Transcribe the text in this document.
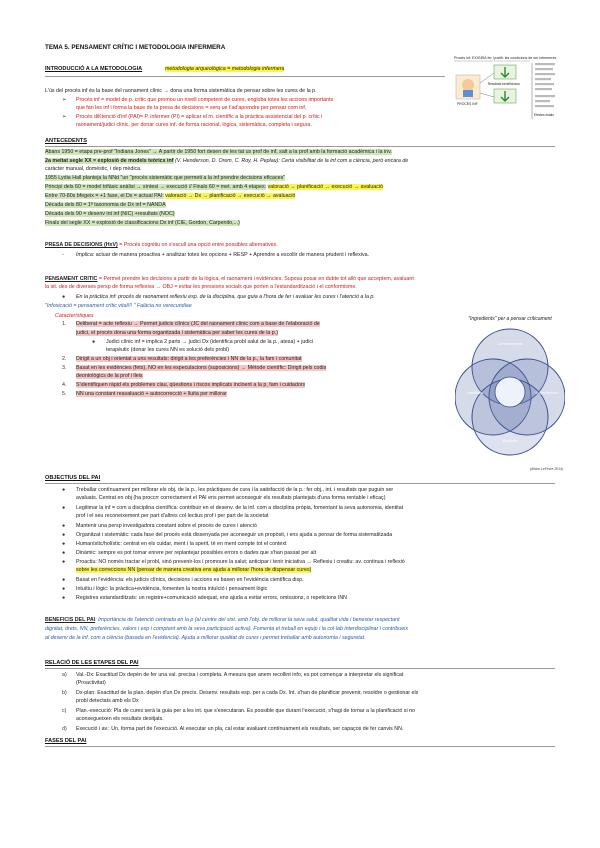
TEMA 5. PENSAMENT CRÍTIC I METODOLOGIA INFERMERA
Procés inf: EXIGIRÀ fer i justifi: les condicions de ser infermeres
PROCÉS INF
Resultats beneficiosos
Efectes estals
INTRODUCCIÓ A LA METODOLOGIA	metodologia arqueològica = metodologia infermera
L'ús del procés inf és la base del raonament clínic → dona una forma sistemàtica de pensar sobre les cures de la p.
➢ Procés inf = model de p. crític que promou un nivell competent de cures, engloba totes les accions importants
que fan les inf i forma la base de la presa de decisions = serq ue t'ad'aprendre per pensar com inf.
➢ Procés diKtenció d'inf (PAI)= P. infermer (PI) = aplicar el m. científic a la pràctica assistencial del p. crític i
raonament/judici clínic, per donar cures inf. de forma racional, lògica, sistemàtica, completa i segura.
ANTECEDENTS
Abans 1950 = etapa pre-prof "Indiana Jones" → A partir de 1950 fort desen de les tat us prof de inf, salt a la prof amb la formació acadèmica i la inv.
2a meitat segle XX = explosió de models teòrics inf (V. Henderson, D. Orem, C. Roy, H. Peplau): Certa visibilitat de la inf com a ciència, però encara de
caràcter manual, domèstic, i dep mèdica.
1955 Lydia Hall planteja la NNd "un "procés sistemàtic que permeti a la inf prendre decisions eficaces"
Principi dels 60 = model trifàsic anàlisi → síntesi → execució // Finals 60 = met. amb 4 etapes: valoració → planificació → execució → avaluació
Entre 70-80s bfegeix = +1 fase, el Dx = actual PAI: valoració → Dx → planificació → execució → avaluació
Dècada dels 80 = 1ª taxonomia de Dx inf = NANDA
Dècada dels 90 = desenv int inf (NIC) +resultats (NOC)
Finals del segle XX = explosió de classificacions Dx inf (CIE, Gordon, Carpenito,...)
PRESA DE DECISIONS (HxV) = Procés cognitiu on s'escull una opció entre possibles alternatives.
- Implica: actuar de manera proactiva + analitzar totes les opcions + RESP + Aprendre a escollir de manera prudent i reflexiva.
PENSAMENT CRÍTIC = Permet prendre les decisions a partir de la lògica, el raonament i evidències. Suposa posar en dubte tot allò que acceptem, avaluant
la sit. des de diverses persp de forma reflexiva → OBJ = evitar les pressions socials que porten a l'estandardització i el conformisme.
● En la pràctica inf: procés de raonament reflexiu esp. de la disciplina, que guia a l'hora de fer i avaluar les cures i l'atenció a la p.
"Infoxicació = pensament crític vital!!! " Falàcia no verecundiae
Característiques
1. Deliberat = acte reflexiu → Permet judicis clínics (JC del raonament clínic com a base de l'elaboració de
judici, el procés dona una forma organitzada i sistemàtica per saber les cures de la p.)
● Judici clínic inf = implica 2 parts → judici Dx (identifica probl salut de la p., atesa) + judici
terapèutic (donar les cures NN es solució dels probl)
2. Dirigit a un obj i orientat a uns resultats: dirigit a les preferències i NN de la p., la fam i comunitat
3. Basat en les evidències (fets), NO en les especulacions (suposicions) → Mètode científic: Dirigit pels codis
deontològics de la prof i lleis
4. S'identifiquen ràpid els problemes clau, qüestions i riscos implicats incloent a la p, fam i cuidadors
5. NN una constant reavaluació + autocorrecció + lluita per millorar
"Ingredients" per a pensar críticament
Coneixements
Habilitats	Experiències
Actituds
(Alfaro-LeFevre 2014)
OBJECTIUS DEL PAI
● Treballar contínuament per millorar els obj. de la p., les pràctiques de cura i la satisfacció de la p.: fer obj., int. i resultats que puguin ser
avaluats. Centrat en obj (ha proccrr correctament el PAI ens permet aconseguir els resultats plantejats d'una forma rentable i eficaç)
● Legitimar la inf = com a disciplina científica: contribuir en el desenv. de la inf. com a disciplina pròpia, fomentant la seva autonomia, identitat
prof i el seu reconeixement per part d'altres col·lectius prof i per part de la societat
● Mantenir una persp investigadora constant sobre el procés de cures i atenció
● Organitzat i sistemàtic: cada fase del procés està dissenyada per aconseguir un propòsit, i ens ajuda a pensar de forma sistematitzada
● Humanístic/holístic: centrat en els cuidar, ment i la sperit, té en ment compte tot el context
● Dinàmic: sempre es pot tornar enrere per replantejar possibles errors o dades que s'han passat per alt
● Proactiu: NO només tractar el probl, sinó prevenir-los i promoure la salut; anticipar i tenir iniciativa → Reflexiu i creatiu: av. continua i reflexió
sobre les correccions NN (pensar de manera creativa ens ajuda a millorar l'hora de dispensar cures)
● Basat en l'evidència: els judicis clínics, decisions i accions es basen en l'evidència científica disp.
● Intuïtiu i lògic: la pràctica+evidència, fomenten la nostra intuïció i pensament lògic
● Registres estandarditzats: un registre+comunicació adequat, ens ajuda a evitar errors, omissions, o repeticions INN
BENEFICIS DEL PAI: Importància de l'atenció centrada en la p (al centre del sist. amb l'obj. de millorar la seva salut, qualitat vida i benestar respectant
dignitat, drets, NN, preferències, valors i exp i comptant amb la seva participació activa). Fomenta el treball en equip i la col·lab interdisciplinar i contribueix
al desenv de la inf. com a ciència (basada en l'evidència). Ajuda a millorar qualitat de cures i permet treballar amb autonomia i seguretat.
RELACIÓ DE LES ETAPES DEL PAI
a) Val.-Dx: Exactitud Dx depèn de fer una val. precisa i completa. A mesura que anem recollint info, es pot començar a interpretar els significat
(Proactivitat)
b) Dx-plan: Exactitud de la plan. depèn d'un Dx precís. Desenv. resultats esp. per a cada Dx. Int. s'han de planificar prevenir, resoldre o gestionar els
probl detectats amb els Dx
c) Plan.-execució: Pla de cures serà la guia per a les int. que s'executaran. És possible que durant l'execució, s'hagi de tornar a la planificació si no
aconsegueixen els resultats desitjats.
d) Execució i av.: Un. forma part de l'execució. Al executar un pla, cal estar avaluant contínuament els resultats, ser capaços de fer canvis NN.
FASES DEL PAI
